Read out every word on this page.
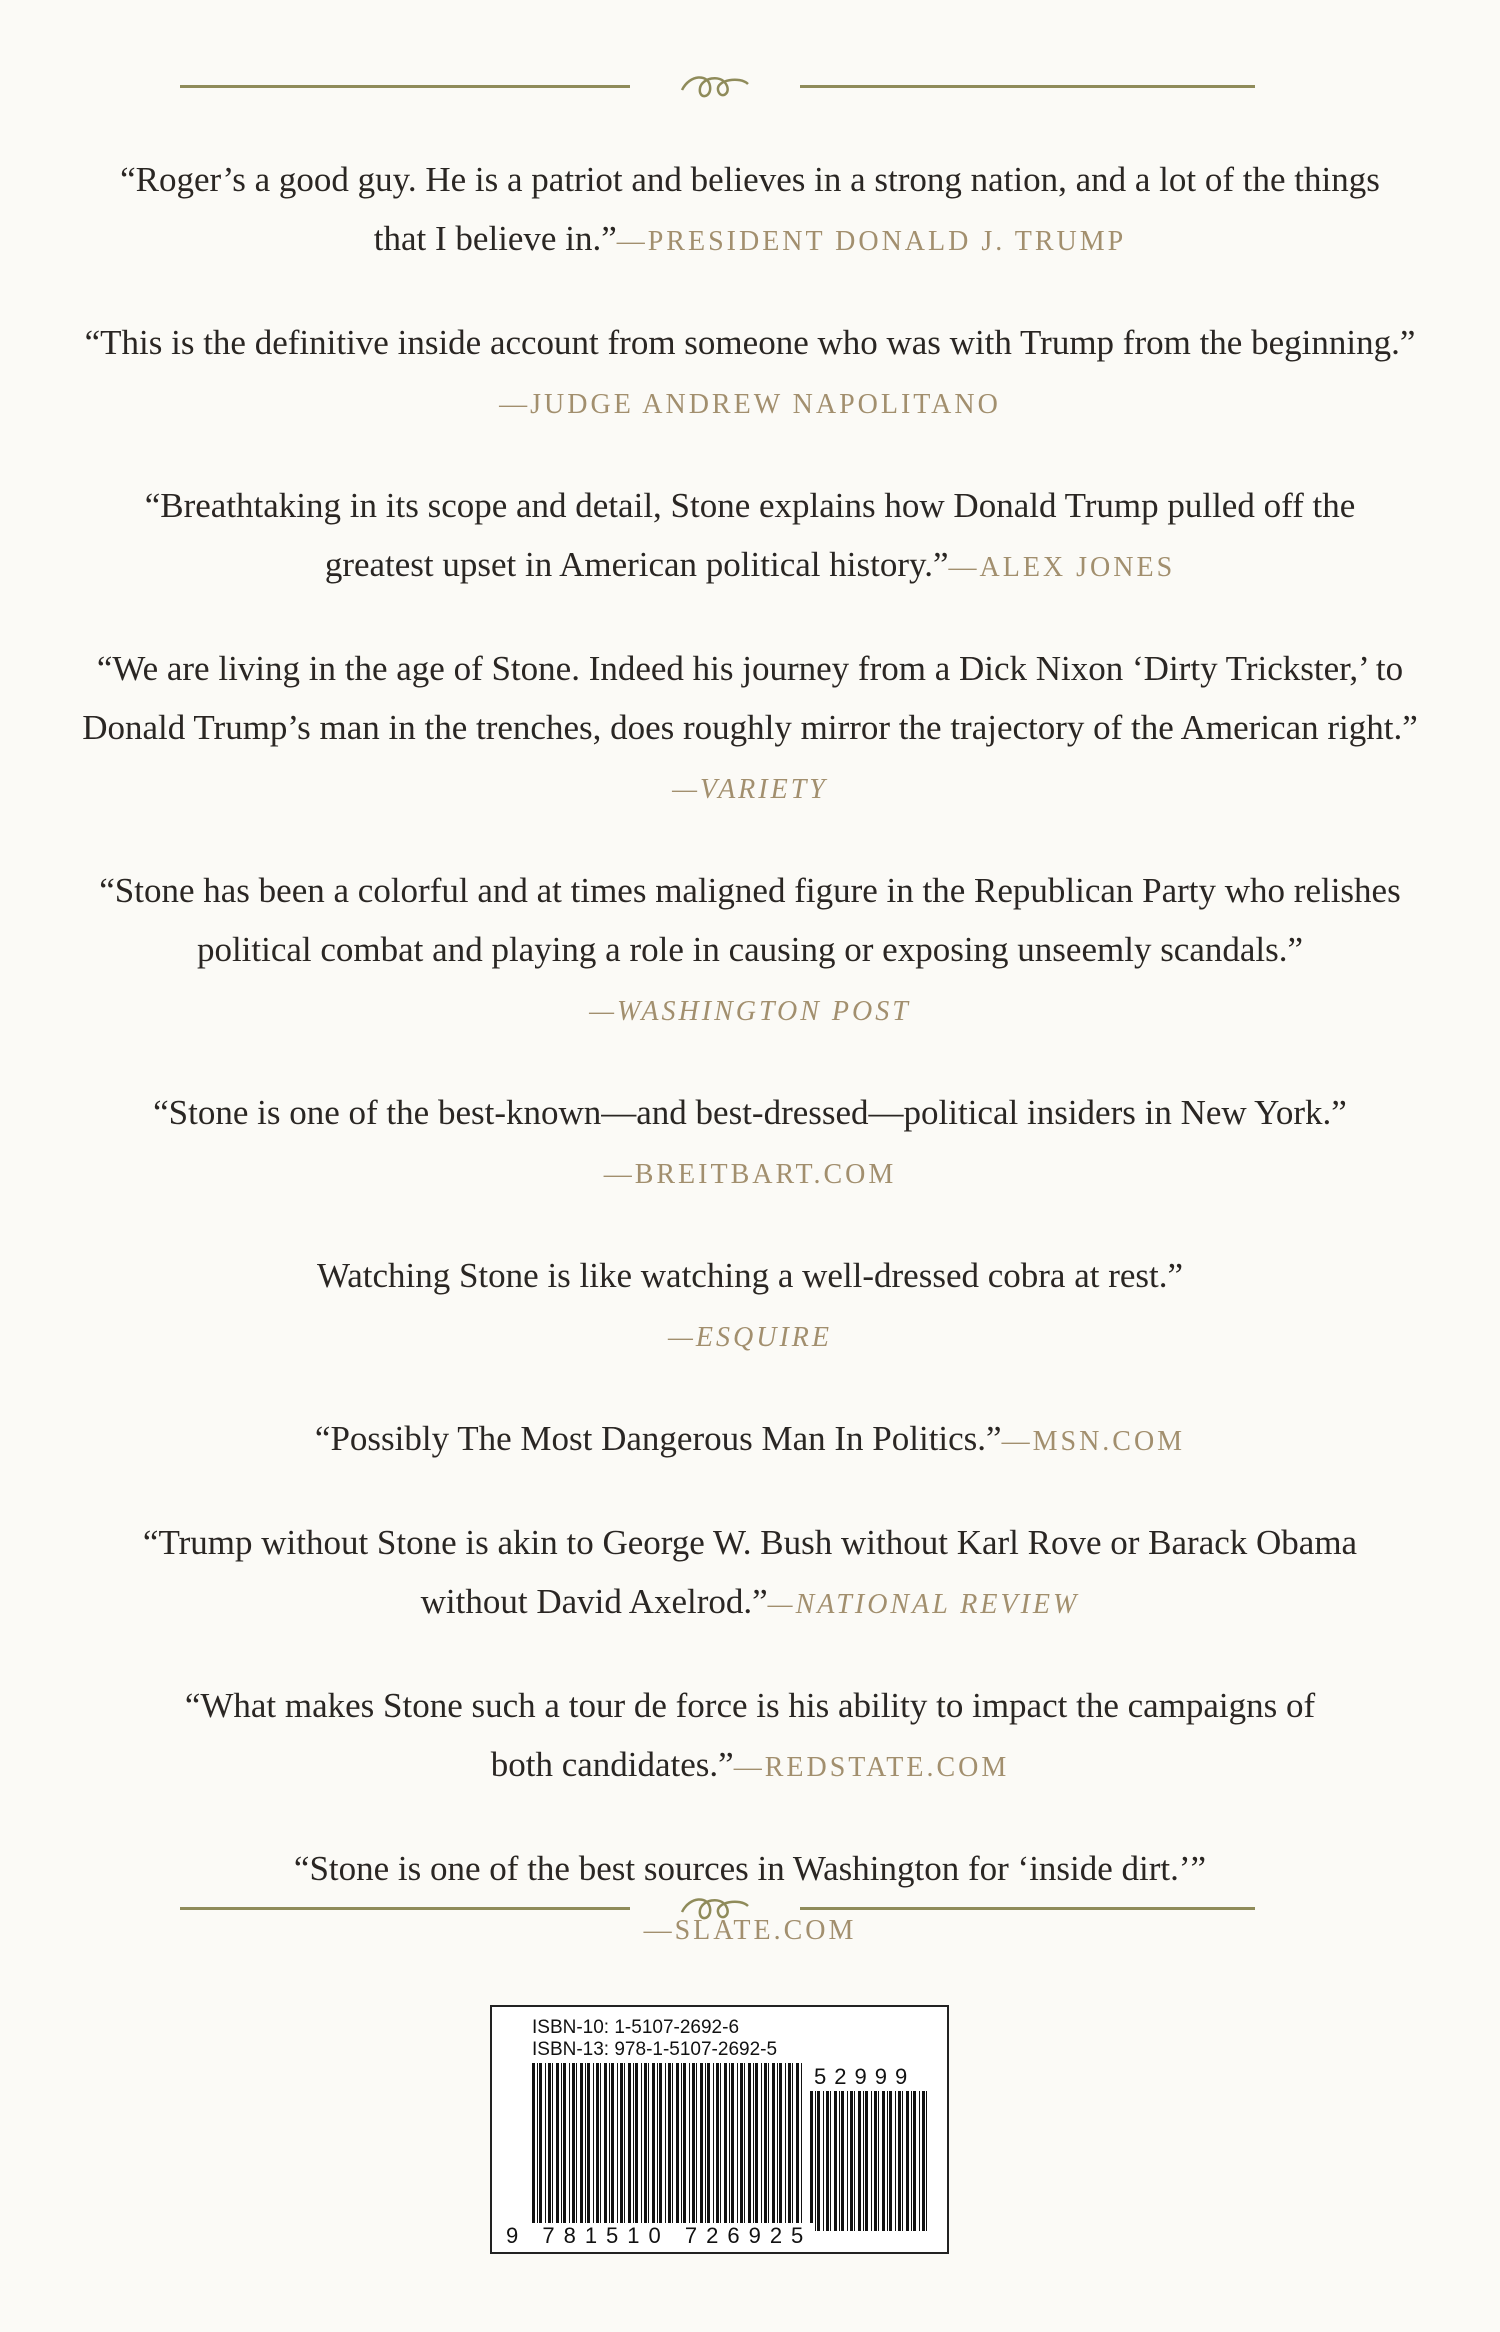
“Roger’s a good guy. He is a patriot and believes in a strong nation, and a lot of the things
that I believe in.”—PRESIDENT DONALD J. TRUMP

“This is the definitive inside account from someone who was with Trump from the beginning.”
—JUDGE ANDREW NAPOLITANO

“Breathtaking in its scope and detail, Stone explains how Donald Trump pulled off the
greatest upset in American political history.”—ALEX JONES

“We are living in the age of Stone. Indeed his journey from a Dick Nixon ‘Dirty Trickster,’ to
Donald Trump’s man in the trenches, does roughly mirror the trajectory of the American right.”
—VARIETY

“Stone has been a colorful and at times maligned figure in the Republican Party who relishes
political combat and playing a role in causing or exposing unseemly scandals.”
—WASHINGTON POST

“Stone is one of the best-known—and best-dressed—political insiders in New York.”
—BREITBART.COM

Watching Stone is like watching a well-dressed cobra at rest.”
—ESQUIRE

“Possibly The Most Dangerous Man In Politics.”—MSN.COM

“Trump without Stone is akin to George W. Bush without Karl Rove or Barack Obama
without David Axelrod.”—NATIONAL REVIEW

“What makes Stone such a tour de force is his ability to impact the campaigns of
both candidates.”—REDSTATE.COM

“Stone is one of the best sources in Washington for ‘inside dirt.’”
—SLATE.COM

ISBN-10: 1-5107-2692-6
ISBN-13: 978-1-5107-2692-5
52999
9 781510 726925
